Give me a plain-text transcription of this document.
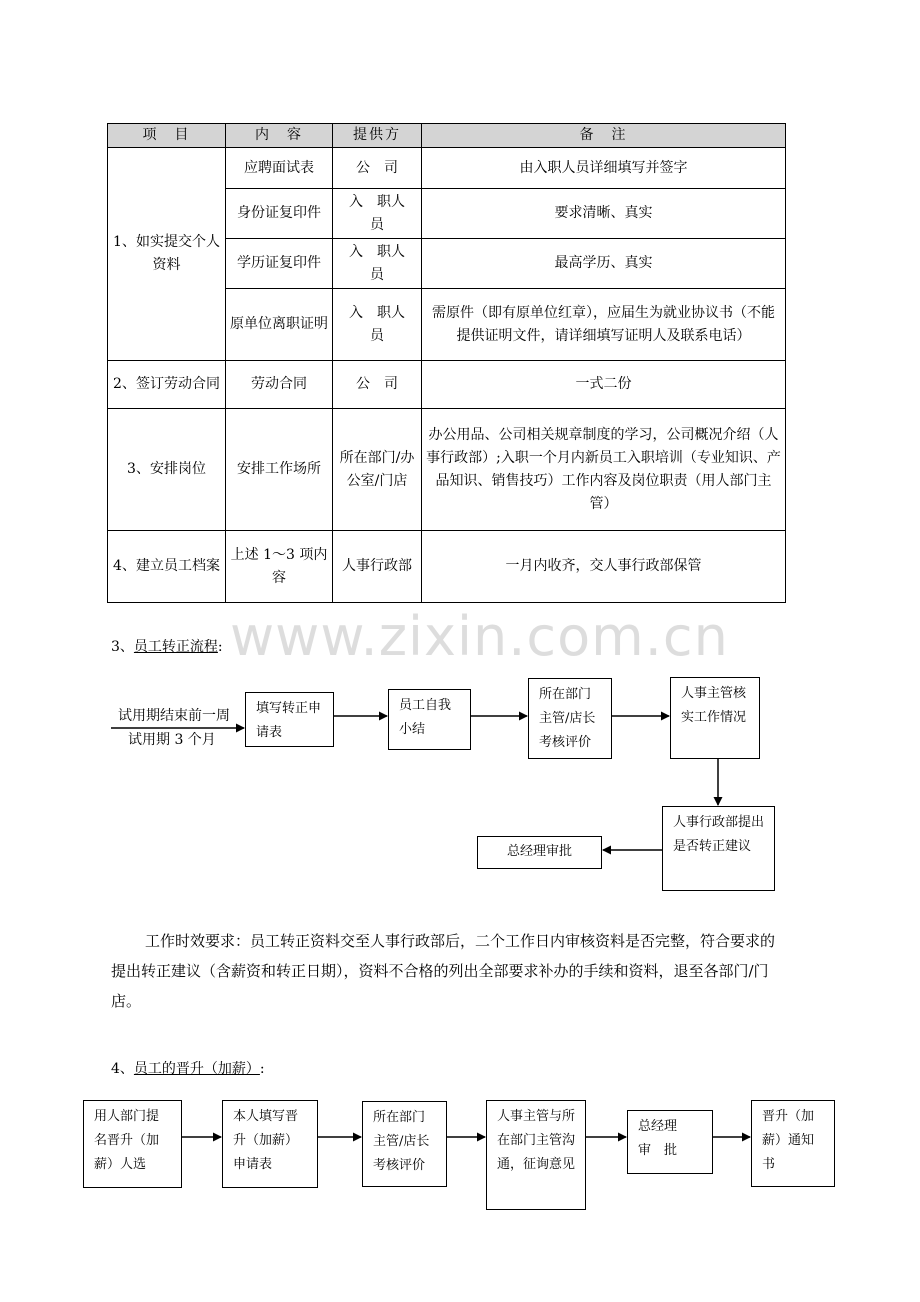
项　目	内　容	提供方	备　注
1、如实提交个人资料	应聘面试表	公　司	由入职人员详细填写并签字
	身份证复印件	入　职人　员	要求清晰、真实
	学历证复印件	入　职人　员	最高学历、真实
	原单位离职证明	入　职人　员	需原件（即有原单位红章），应届生为就业协议书（不能提供证明文件，请详细填写证明人及联系电话）
2、签订劳动合同	劳动合同	公　司	一式二份
3、安排岗位	安排工作场所	所在部门/办公室/门店	办公用品、公司相关规章制度的学习，公司概况介绍（人事行政部）;入职一个月内新员工入职培训（专业知识、产品知识、销售技巧）工作内容及岗位职责（用人部门主管）
4、建立员工档案	上述 1～3 项内容	人事行政部	一月内收齐，交人事行政部保管
www.zixin.com.cn
3、员工转正流程:
试用期结束前一周
试用期 3 个月
填写转正申请表
员工自我小结
所在部门主管/店长考核评价
人事主管核实工作情况
人事行政部提出是否转正建议
总经理审批
工作时效要求：员工转正资料交至人事行政部后，二个工作日内审核资料是否完整，符合要求的提出转正建议（含薪资和转正日期），资料不合格的列出全部要求补办的手续和资料，退至各部门/门店。
4、员工的晋升（加薪）:
用人部门提名晋升（加薪）人选
本人填写晋升（加薪）申请表
所在部门主管/店长考核评价
人事主管与所在部门主管沟通，征询意见
总经理　审　批
晋升（加薪）通知书
